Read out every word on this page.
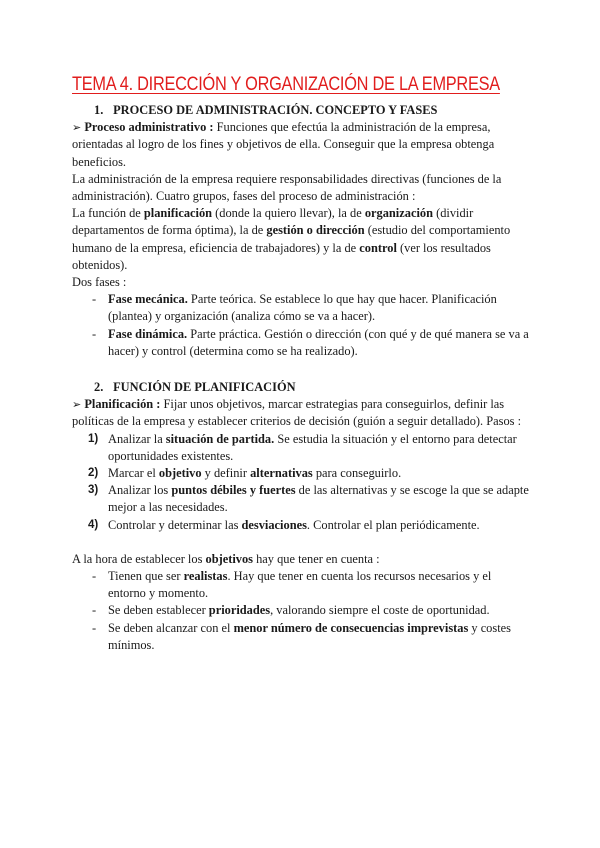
TEMA 4. DIRECCIÓN Y ORGANIZACIÓN DE LA EMPRESA
1. PROCESO DE ADMINISTRACIÓN. CONCEPTO Y FASES

➢ Proceso administrativo : Funciones que efectúa la administración de la empresa, orientadas al logro de los fines y objetivos de ella. Conseguir que la empresa obtenga beneficios.

La administración de la empresa requiere responsabilidades directivas (funciones de la administración). Cuatro grupos, fases del proceso de administración :

La función de planificación (donde la quiero llevar), la de organización (dividir departamentos de forma óptima), la de gestión o dirección (estudio del comportamiento humano de la empresa, eficiencia de trabajadores) y la de control (ver los resultados obtenidos).

Dos fases :

- Fase mecánica. Parte teórica. Se establece lo que hay que hacer. Planificación (plantea) y organización (analiza cómo se va a hacer).
- Fase dinámica. Parte práctica. Gestión o dirección (con qué y de qué manera se va a hacer) y control (determina como se ha realizado).
2. FUNCIÓN DE PLANIFICACIÓN

➢ Planificación : Fijar unos objetivos, marcar estrategias para conseguirlos, definir las políticas de la empresa y establecer criterios de decisión (guión a seguir detallado). Pasos :

1) Analizar la situación de partida. Se estudia la situación y el entorno para detectar oportunidades existentes.
2) Marcar el objetivo y definir alternativas para conseguirlo.
3) Analizar los puntos débiles y fuertes de las alternativas y se escoge la que se adapte mejor a las necesidades.
4) Controlar y determinar las desviaciones. Controlar el plan periódicamente.

A la hora de establecer los objetivos hay que tener en cuenta :

- Tienen que ser realistas. Hay que tener en cuenta los recursos necesarios y el entorno y momento.
- Se deben establecer prioridades, valorando siempre el coste de oportunidad.
- Se deben alcanzar con el menor número de consecuencias imprevistas y costes mínimos.
